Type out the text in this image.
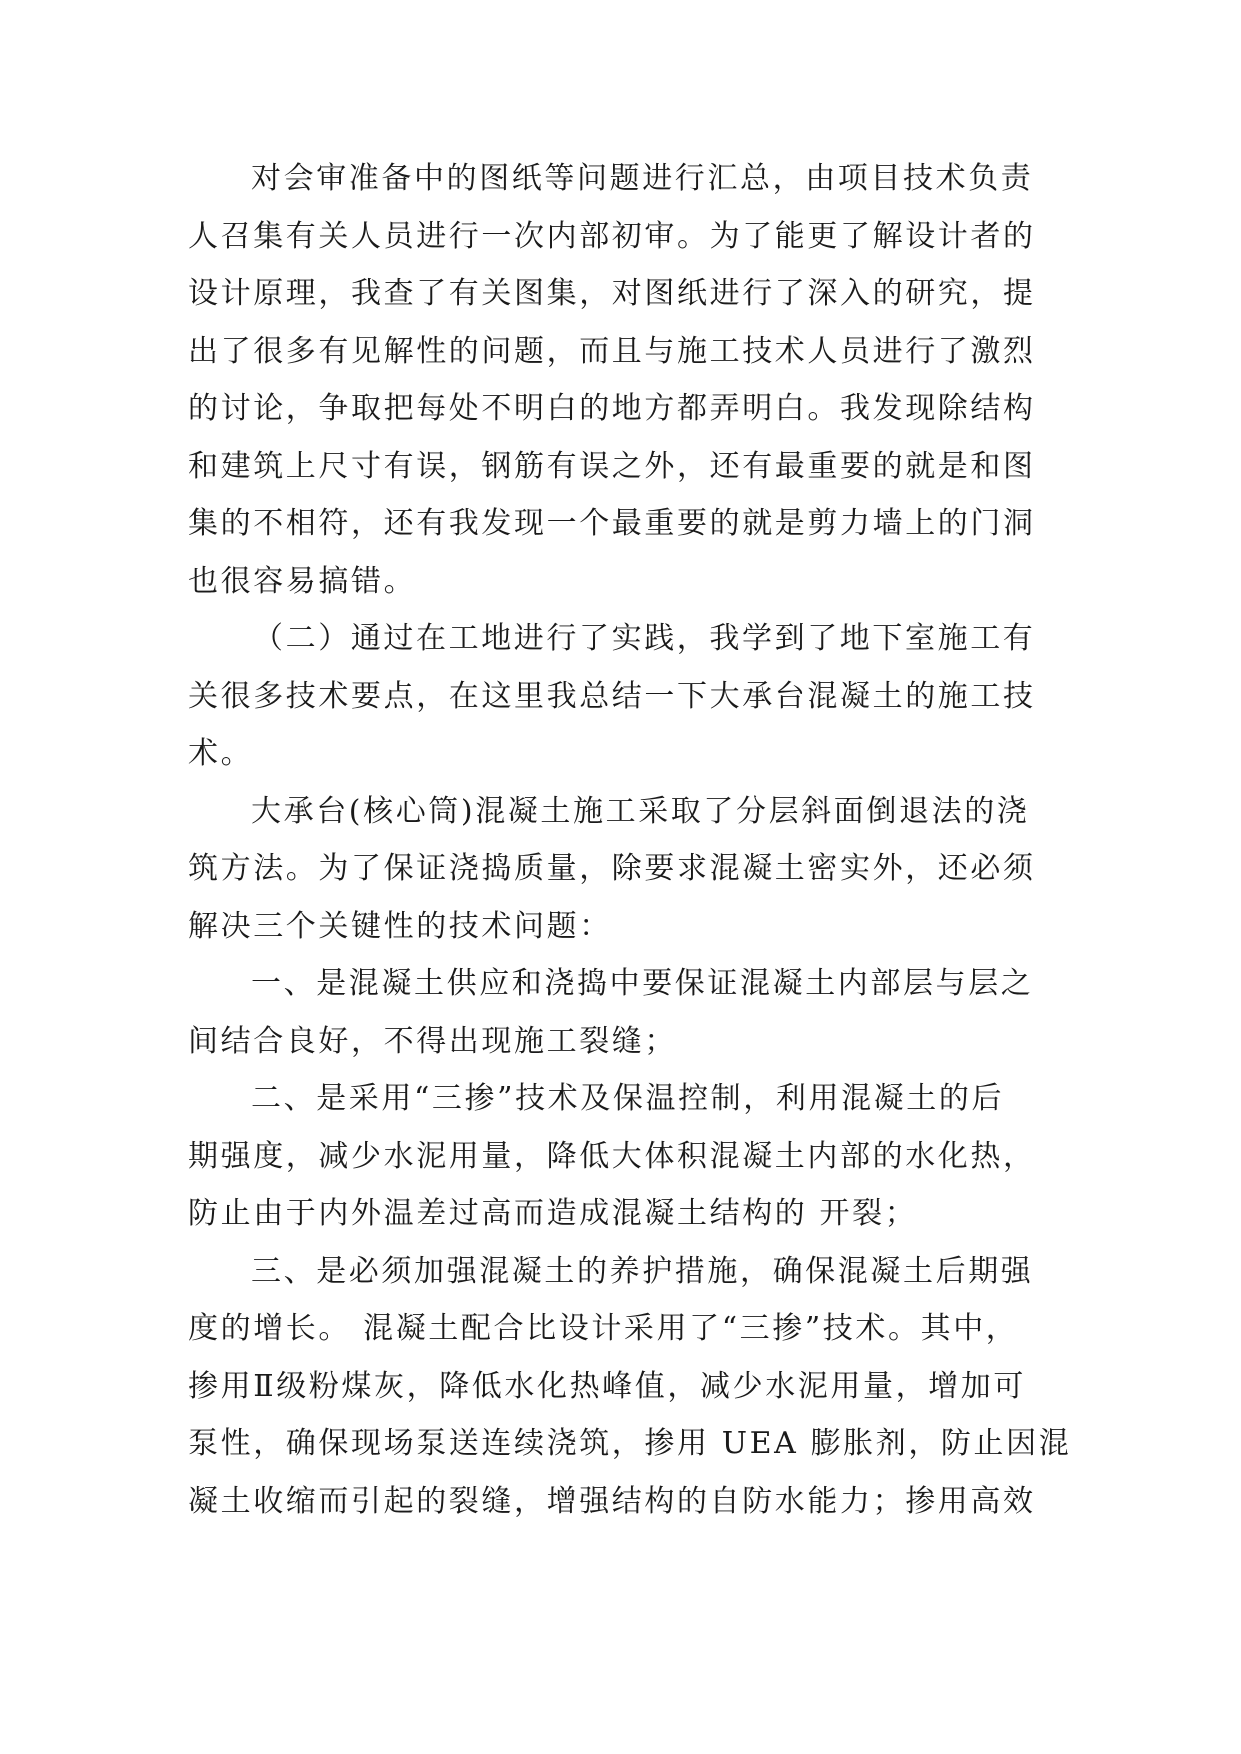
对会审准备中的图纸等问题进行汇总，由项目技术负责
人召集有关人员进行一次内部初审。为了能更了解设计者的
设计原理，我查了有关图集，对图纸进行了深入的研究，提
出了很多有见解性的问题，而且与施工技术人员进行了激烈
的讨论，争取把每处不明白的地方都弄明白。我发现除结构
和建筑上尺寸有误，钢筋有误之外，还有最重要的就是和图
集的不相符，还有我发现一个最重要的就是剪力墙上的门洞
也很容易搞错。
（二）通过在工地进行了实践，我学到了地下室施工有
关很多技术要点，在这里我总结一下大承台混凝土的施工技
术。
大承台(核心筒)混凝土施工采取了分层斜面倒退法的浇
筑方法。为了保证浇捣质量，除要求混凝土密实外，还必须
解决三个关键性的技术问题：
一、是混凝土供应和浇捣中要保证混凝土内部层与层之
间结合良好，不得出现施工裂缝；
二、是采用“三掺”技术及保温控制，利用混凝土的后
期强度，减少水泥用量，降低大体积混凝土内部的水化热，
防止由于内外温差过高而造成混凝土结构的 开裂；
三、是必须加强混凝土的养护措施，确保混凝土后期强
度的增长。 混凝土配合比设计采用了“三掺”技术。其中，
掺用Ⅱ级粉煤灰，降低水化热峰值，减少水泥用量，增加可
泵性，确保现场泵送连续浇筑，掺用 UEA 膨胀剂，防止因混
凝土收缩而引起的裂缝，增强结构的自防水能力；掺用高效
